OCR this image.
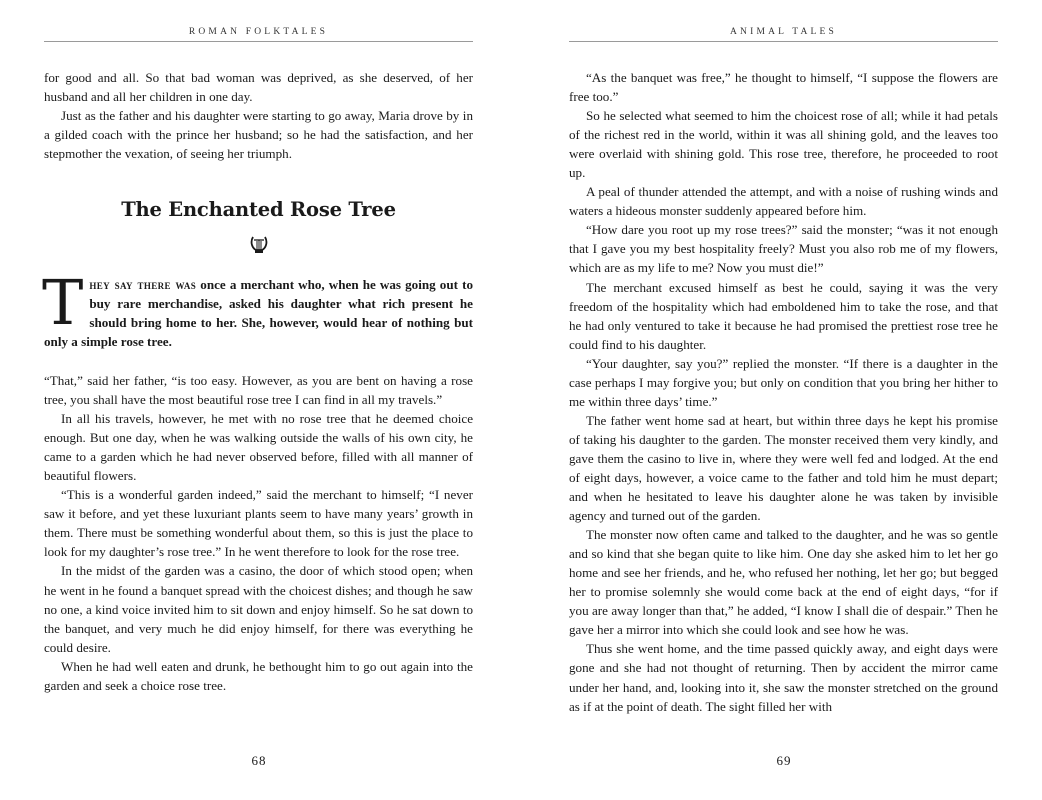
ROMAN FOLKTALES

for good and all. So that bad woman was deprived, as she deserved, of her husband and all her children in one day.

Just as the father and his daughter were starting to go away, Maria drove by in a gilded coach with the prince her husband; so he had the satisfaction, and her stepmother the vexation, of seeing her triumph.

The Enchanted Rose Tree
They say there was once a merchant who, when he was going out to buy rare merchandise, asked his daughter what rich present he should bring home to her. She, however, would hear of nothing but only a simple rose tree.

“That,” said her father, “is too easy. However, as you are bent on having a rose tree, you shall have the most beautiful rose tree I can find in all my travels.”

In all his travels, however, he met with no rose tree that he deemed choice enough. But one day, when he was walking outside the walls of his own city, he came to a garden which he had never observed before, filled with all manner of beautiful flowers.

“This is a wonderful garden indeed,” said the merchant to himself; “I never saw it before, and yet these luxuriant plants seem to have many years’ growth in them. There must be something wonderful about them, so this is just the place to look for my daughter’s rose tree.” In he went therefore to look for the rose tree.

In the midst of the garden was a casino, the door of which stood open; when he went in he found a banquet spread with the choicest dishes; and though he saw no one, a kind voice invited him to sit down and enjoy himself. So he sat down to the banquet, and very much he did enjoy himself, for there was everything he could desire.

When he had well eaten and drunk, he bethought him to go out again into the garden and seek a choice rose tree.

68
ANIMAL TALES

“As the banquet was free,” he thought to himself, “I suppose the flowers are free too.”

So he selected what seemed to him the choicest rose of all; while it had petals of the richest red in the world, within it was all shining gold, and the leaves too were overlaid with shining gold. This rose tree, therefore, he proceeded to root up.

A peal of thunder attended the attempt, and with a noise of rushing winds and waters a hideous monster suddenly appeared before him.

“How dare you root up my rose trees?” said the monster; “was it not enough that I gave you my best hospitality freely? Must you also rob me of my flowers, which are as my life to me? Now you must die!”

The merchant excused himself as best he could, saying it was the very freedom of the hospitality which had emboldened him to take the rose, and that he had only ventured to take it because he had promised the prettiest rose tree he could find to his daughter.

“Your daughter, say you?” replied the monster. “If there is a daughter in the case perhaps I may forgive you; but only on condition that you bring her hither to me within three days’ time.”

The father went home sad at heart, but within three days he kept his promise of taking his daughter to the garden. The monster received them very kindly, and gave them the casino to live in, where they were well fed and lodged. At the end of eight days, however, a voice came to the father and told him he must depart; and when he hesitated to leave his daughter alone he was taken by invisible agency and turned out of the garden.

The monster now often came and talked to the daughter, and he was so gentle and so kind that she began quite to like him. One day she asked him to let her go home and see her friends, and he, who refused her nothing, let her go; but begged her to promise solemnly she would come back at the end of eight days, “for if you are away longer than that,” he added, “I know I shall die of despair.” Then he gave her a mirror into which she could look and see how he was.

Thus she went home, and the time passed quickly away, and eight days were gone and she had not thought of returning. Then by accident the mirror came under her hand, and, looking into it, she saw the monster stretched on the ground as if at the point of death. The sight filled her with

69
